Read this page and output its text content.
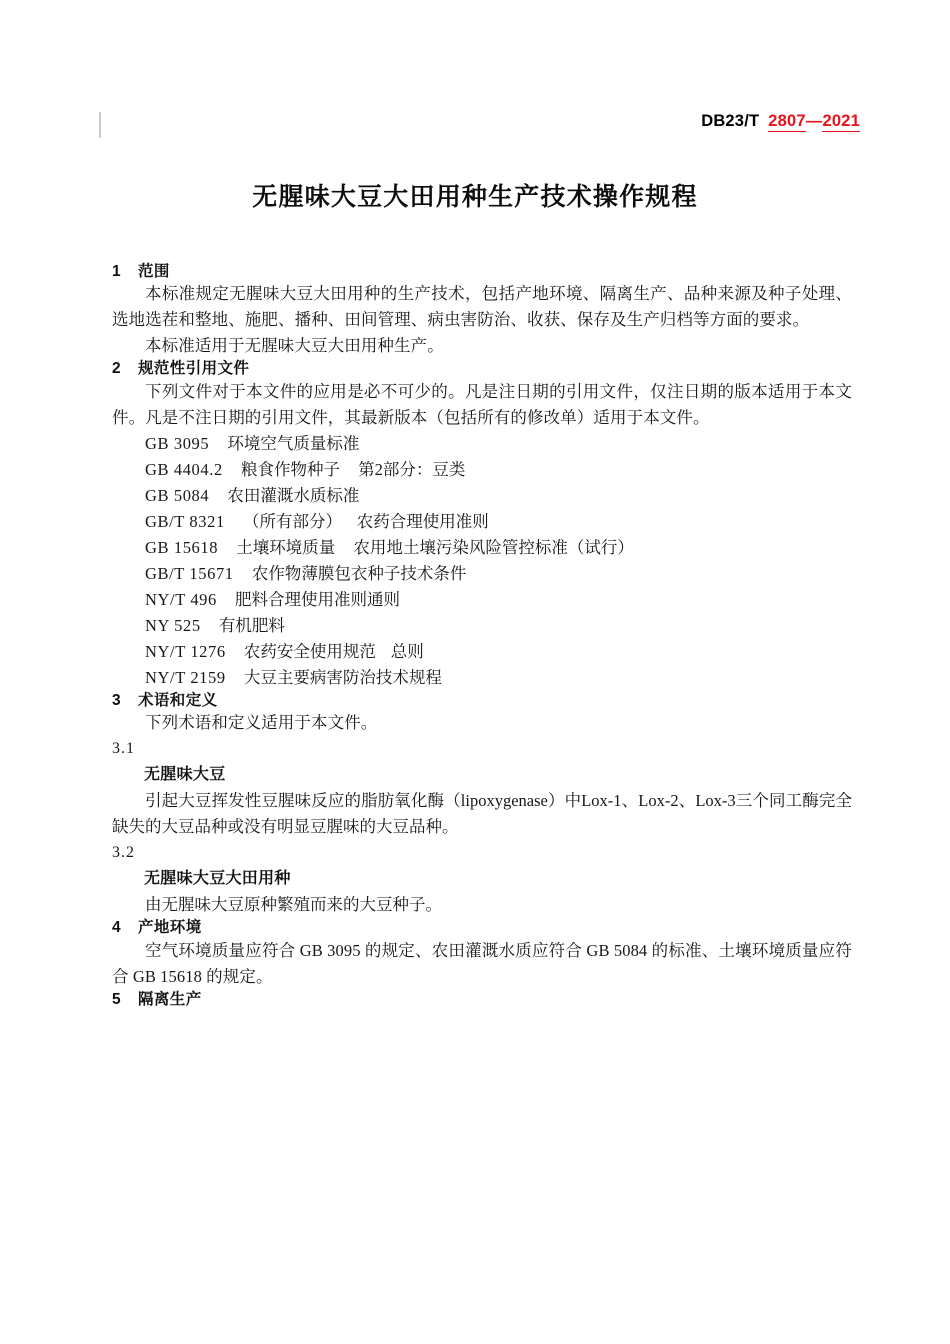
DB23/T 2807—2021
无腥味大豆大田用种生产技术操作规程
1 范围

本标准规定无腥味大豆大田用种的生产技术，包括产地环境、隔离生产、品种来源及种子处理、选地选茬和整地、施肥、播种、田间管理、病虫害防治、收获、保存及生产归档等方面的要求。

本标准适用于无腥味大豆大田用种生产。

2 规范性引用文件

下列文件对于本文件的应用是必不可少的。凡是注日期的引用文件，仅注日期的版本适用于本文件。凡是不注日期的引用文件，其最新版本（包括所有的修改单）适用于本文件。

GB 3095 环境空气质量标准
GB 4404.2 粮食作物种子 第2部分：豆类
GB 5084 农田灌溉水质标准
GB/T 8321 （所有部分） 农药合理使用准则
GB 15618 土壤环境质量 农用地土壤污染风险管控标准（试行）
GB/T 15671 农作物薄膜包衣种子技术条件
NY/T 496 肥料合理使用准则通则
NY 525 有机肥料
NY/T 1276 农药安全使用规范 总则
NY/T 2159 大豆主要病害防治技术规程
3 术语和定义

下列术语和定义适用于本文件。

3.1
无腥味大豆

引起大豆挥发性豆腥味反应的脂肪氧化酶（lipoxygenase）中Lox-1、Lox-2、Lox-3三个同工酶完全缺失的大豆品种或没有明显豆腥味的大豆品种。

3.2
无腥味大豆大田用种

由无腥味大豆原种繁殖而来的大豆种子。

4 产地环境

空气环境质量应符合 GB 3095 的规定、农田灌溉水质应符合 GB 5084 的标准、土壤环境质量应符合 GB 15618 的规定。

5 隔离生产
